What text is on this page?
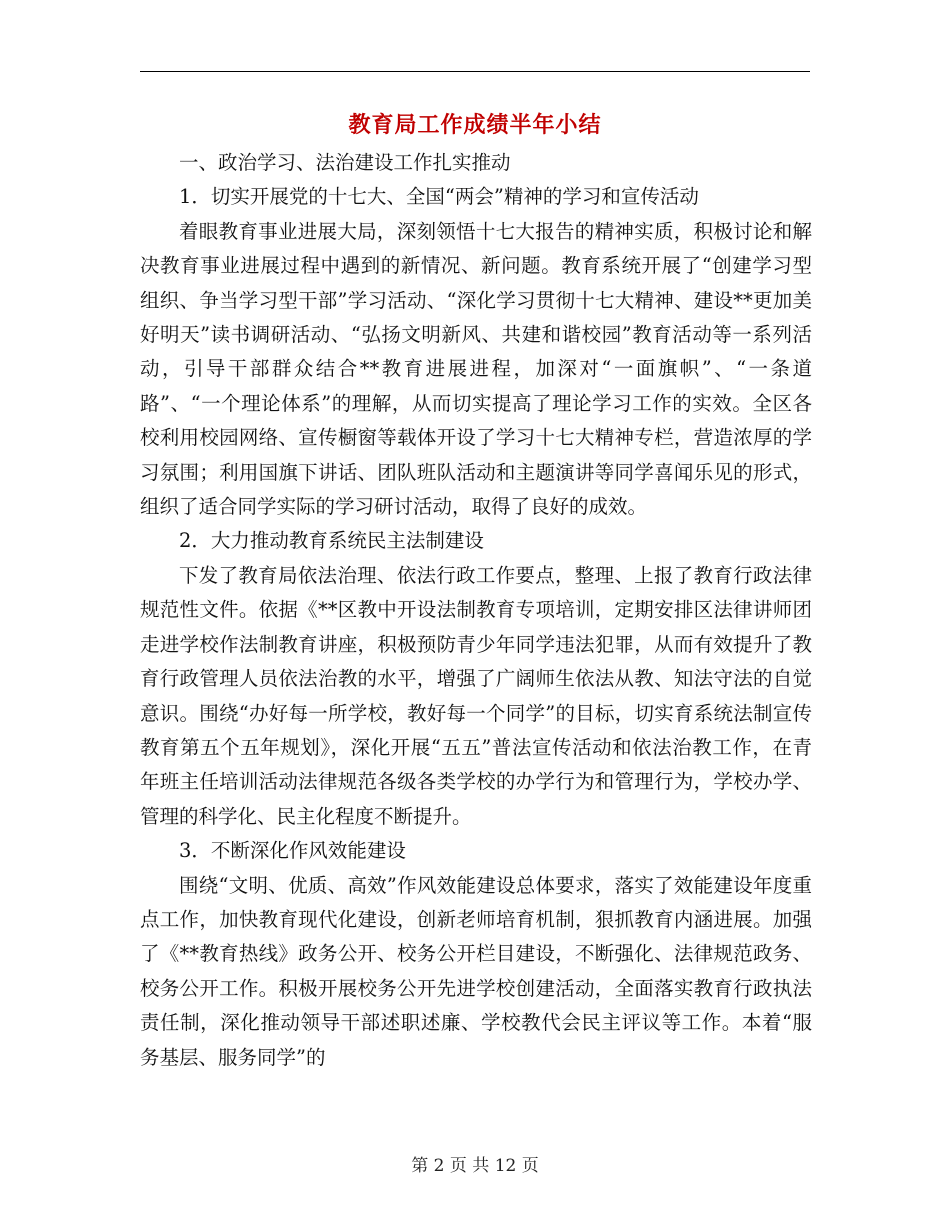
教育局工作成绩半年小结

一、政治学习、法治建设工作扎实推动

1．切实开展党的十七大、全国“两会”精神的学习和宣传活动

着眼教育事业进展大局，深刻领悟十七大报告的精神实质，积极讨论和解决教育事业进展过程中遇到的新情况、新问题。教育系统开展了“创建学习型组织、争当学习型干部”学习活动、“深化学习贯彻十七大精神、建设**更加美好明天”读书调研活动、“弘扬文明新风、共建和谐校园”教育活动等一系列活动，引导干部群众结合**教育进展进程，加深对“一面旗帜”、“一条道路”、“一个理论体系”的理解，从而切实提高了理论学习工作的实效。全区各校利用校园网络、宣传橱窗等载体开设了学习十七大精神专栏，营造浓厚的学习氛围；利用国旗下讲话、团队班队活动和主题演讲等同学喜闻乐见的形式，组织了适合同学实际的学习研讨活动，取得了良好的成效。

2．大力推动教育系统民主法制建设

下发了教育局依法治理、依法行政工作要点，整理、上报了教育行政法律规范性文件。依据《**区教中开设法制教育专项培训，定期安排区法律讲师团走进学校作法制教育讲座，积极预防青少年同学违法犯罪，从而有效提升了教育行政管理人员依法治教的水平，增强了广阔师生依法从教、知法守法的自觉意识。围绕“办好每一所学校，教好每一个同学”的目标，切实育系统法制宣传教育第五个五年规划》，深化开展“五五”普法宣传活动和依法治教工作，在青年班主任培训活动法律规范各级各类学校的办学行为和管理行为，学校办学、管理的科学化、民主化程度不断提升。

3．不断深化作风效能建设

围绕“文明、优质、高效”作风效能建设总体要求，落实了效能建设年度重点工作，加快教育现代化建设，创新老师培育机制，狠抓教育内涵进展。加强了《**教育热线》政务公开、校务公开栏目建设，不断强化、法律规范政务、校务公开工作。积极开展校务公开先进学校创建活动，全面落实教育行政执法责任制，深化推动领导干部述职述廉、学校教代会民主评议等工作。本着“服务基层、服务同学”的

第 2 页 共 12 页
